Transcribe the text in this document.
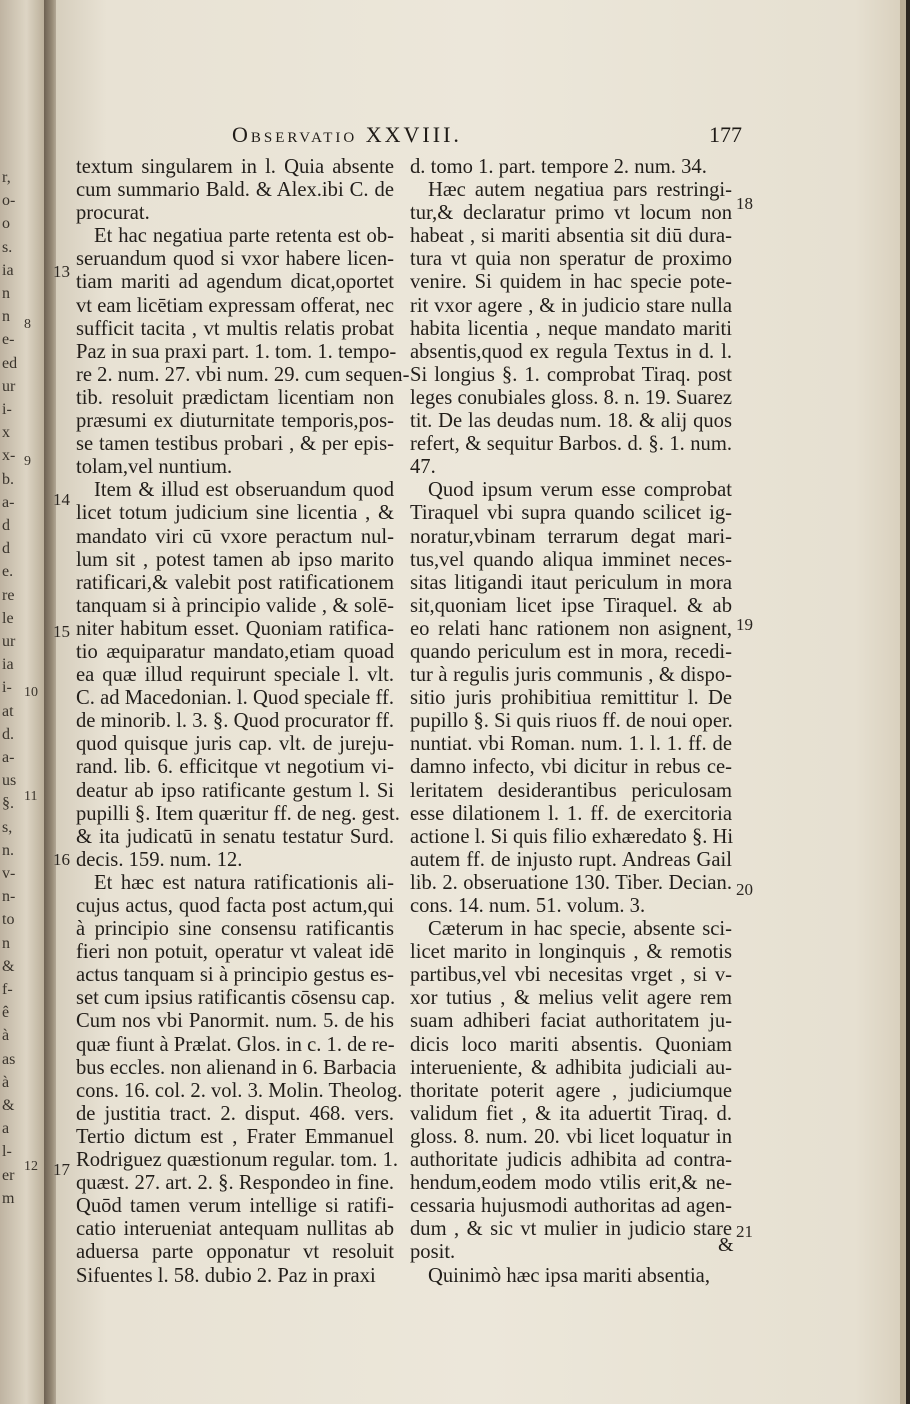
r,
o-
o
s.
ia
n
n
e-
ed
ur
i-
x
x-
b.
a-
d
d
e.
re
le
ur
ia
i-
at
d.
a-
us
§.
s,
n.
v-
n-
to
n
&
f-
ê
à
as
à
&
a
l-
er
m
8
9
10
11
12
Observatio XXVIII.	177
textum singularem in l. Quia absente
cum summario Bald. & Alex.ibi C. de
procurat.
Et hac negatiua parte retenta est ob-
seruandum quod si vxor habere licen-
tiam mariti ad agendum dicat,oportet
vt eam licētiam expressam offerat, nec
sufficit tacita , vt multis relatis probat
Paz in sua praxi part. 1. tom. 1. tempo-
re 2. num. 27. vbi num. 29. cum sequen-
tib. resoluit prædictam licentiam non
præsumi ex diuturnitate temporis,pos-
se tamen testibus probari , & per epis-
tolam,vel nuntium.
Item & illud est obseruandum quod
licet totum judicium sine licentia , &
mandato viri cū vxore peractum nul-
lum sit , potest tamen ab ipso marito
ratificari,& valebit post ratificationem
tanquam si à principio valide , & solē-
niter habitum esset. Quoniam ratifica-
tio æquiparatur mandato,etiam quoad
ea quæ illud requirunt speciale l. vlt.
C. ad Macedonian. l. Quod speciale ff.
de minorib. l. 3. §. Quod procurator ff.
quod quisque juris cap. vlt. de jureju-
rand. lib. 6. efficitque vt negotium vi-
deatur ab ipso ratificante gestum l. Si
pupilli §. Item quæritur ff. de neg. gest.
& ita judicatū in senatu testatur Surd.
decis. 159. num. 12.
Et hæc est natura ratificationis ali-
cujus actus, quod facta post actum,qui
à principio sine consensu ratificantis
fieri non potuit, operatur vt valeat idē
actus tanquam si à principio gestus es-
set cum ipsius ratificantis cōsensu cap.
Cum nos vbi Panormit. num. 5. de his
quæ fiunt à Prælat. Glos. in c. 1. de re-
bus eccles. non alienand in 6. Barbacia
cons. 16. col. 2. vol. 3. Molin. Theolog.
de justitia tract. 2. disput. 468. vers.
Tertio dictum est , Frater Emmanuel
Rodriguez quæstionum regular. tom. 1.
quæst. 27. art. 2. §. Respondeo in fine.
Quōd tamen verum intellige si ratifi-
catio interueniat antequam nullitas ab
aduersa parte opponatur vt resoluit
Sifuentes l. 58. dubio 2. Paz in praxi
d. tomo 1. part. tempore 2. num. 34.
Hæc autem negatiua pars restringi-
tur,& declaratur primo vt locum non
habeat , si mariti absentia sit diū dura-
tura vt quia non speratur de proximo
venire. Si quidem in hac specie pote-
rit vxor agere , & in judicio stare nulla
habita licentia , neque mandato mariti
absentis,quod ex regula Textus in d. l.
Si longius §. 1. comprobat Tiraq. post
leges conubiales gloss. 8. n. 19. Suarez
tit. De las deudas num. 18. & alij quos
refert, & sequitur Barbos. d. §. 1. num.
47.
Quod ipsum verum esse comprobat
Tiraquel vbi supra quando scilicet ig-
noratur,vbinam terrarum degat mari-
tus,vel quando aliqua imminet neces-
sitas litigandi itaut periculum in mora
sit,quoniam licet ipse Tiraquel. & ab
eo relati hanc rationem non asignent,
quando periculum est in mora, recedi-
tur à regulis juris communis , & dispo-
sitio juris prohibitiua remittitur l. De
pupillo §. Si quis riuos ff. de noui oper.
nuntiat. vbi Roman. num. 1. l. 1. ff. de
damno infecto, vbi dicitur in rebus ce-
leritatem desiderantibus periculosam
esse dilationem l. 1. ff. de exercitoria
actione l. Si quis filio exhæredato §. Hi
autem ff. de injusto rupt. Andreas Gail
lib. 2. obseruatione 130. Tiber. Decian.
cons. 14. num. 51. volum. 3.
Cæterum in hac specie, absente sci-
licet marito in longinquis , & remotis
partibus,vel vbi necesitas vrget , si v-
xor tutius , & melius velit agere rem
suam adhiberi faciat authoritatem ju-
dicis loco mariti absentis. Quoniam
interueniente, & adhibita judiciali au-
thoritate poterit agere , judiciumque
validum fiet , & ita aduertit Tiraq. d.
gloss. 8. num. 20. vbi licet loquatur in
authoritate judicis adhibita ad contra-
hendum,eodem modo vtilis erit,& ne-
cessaria hujusmodi authoritas ad agen-
dum , & sic vt mulier in judicio stare
posit.
Quinimò hæc ipsa mariti absentia,
13
14
15
16
17
18
19
20
21
&
